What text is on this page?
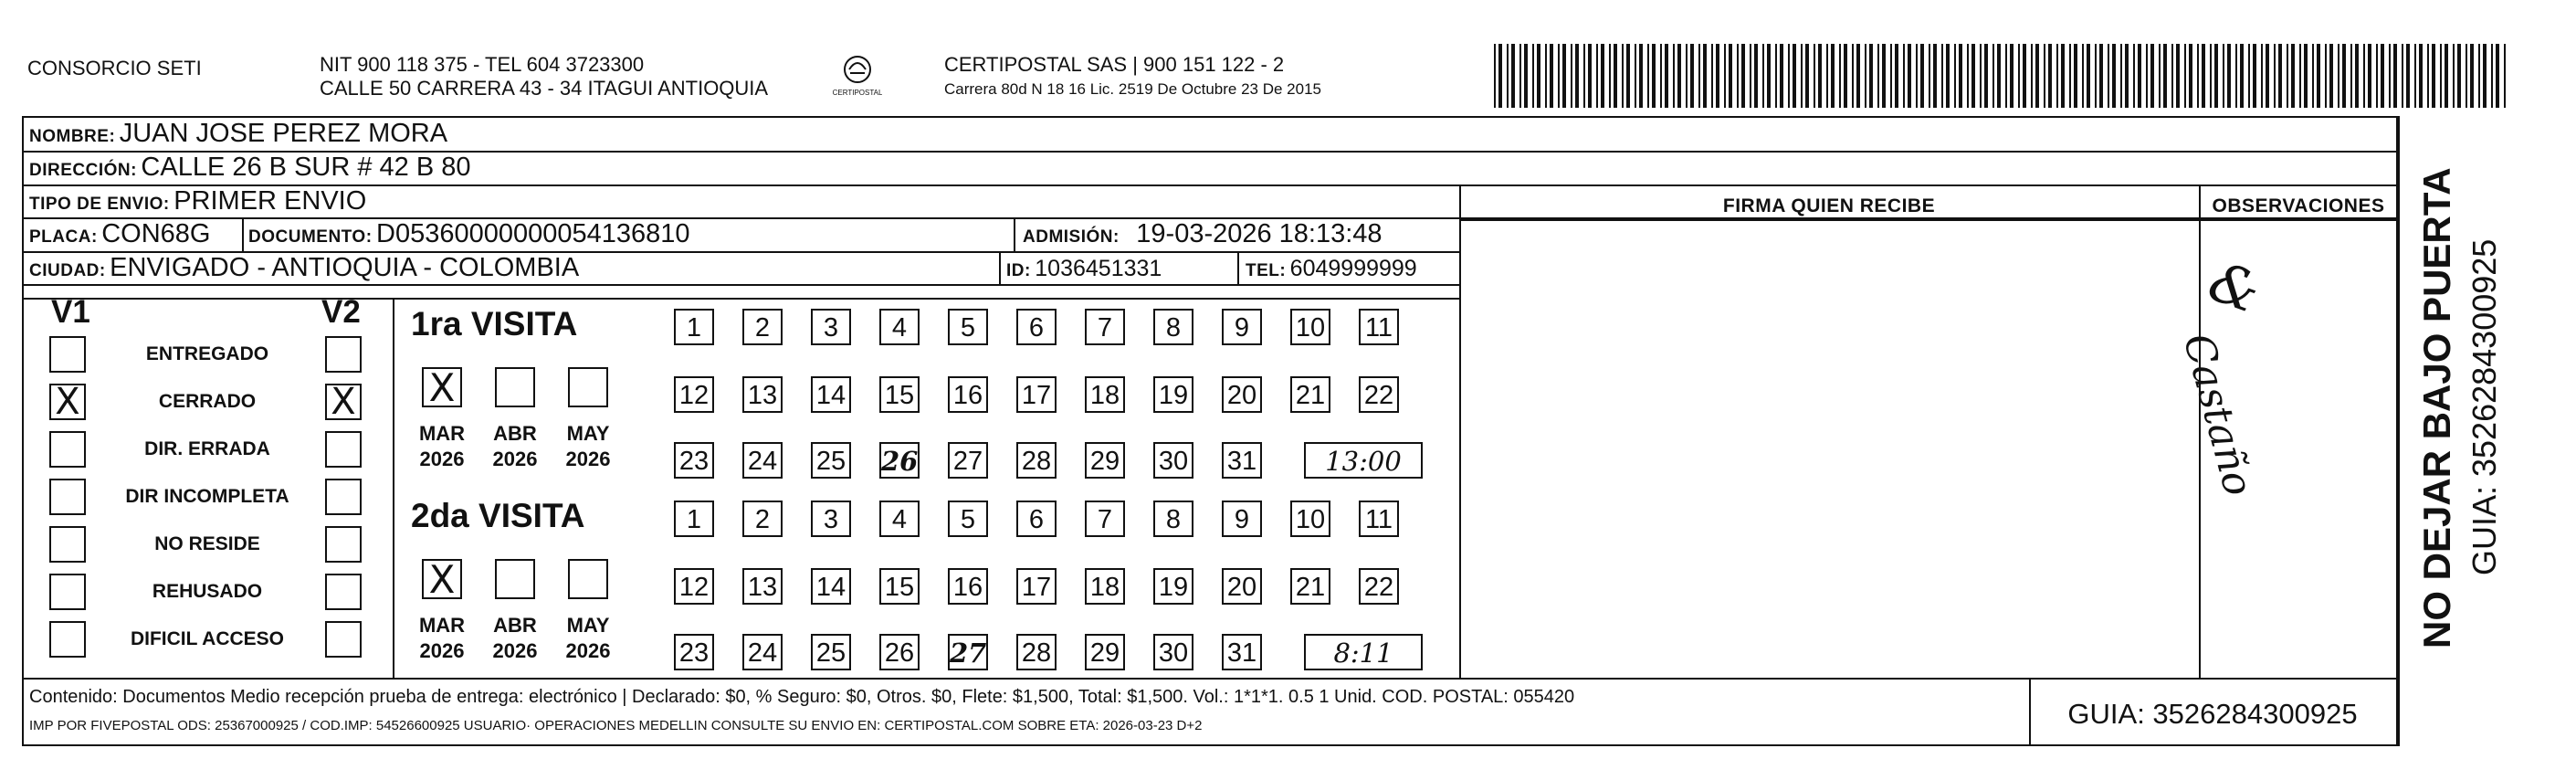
CONSORCIO SETI	NIT 900 118 375 - TEL 604 3723300
CALLE 50 CARRERA 43 - 34 ITAGUI ANTIOQUIA	CERTIPOSTAL
CERTIPOSTAL SAS | 900 151 122 - 2
Carrera 80d N 18 16 Lic. 2519 De Octubre 23 De 2015
NOMBRE: JUAN JOSE PEREZ MORA
DIRECCIÓN: CALLE 26 B SUR # 42 B 80
TIPO DE ENVIO: PRIMER ENVIO
PLACA: CON68G DOCUMENTO: D05360000000054136810	ADMISIÓN: 19-03-2026 18:13:48
CIUDAD: ENVIGADO - ANTIOQUIA - COLOMBIA	ID: 1036451331	TEL: 6049999999
FIRMA QUIEN RECIBE	OBSERVACIONES
V1	V2
ENTREGADO
X	CERRADO	X
DIR. ERRADA
DIR INCOMPLETA
NO RESIDE
REHUSADO
DIFICIL ACCESO
1ra VISITA
X
MAR
2026
ABR
2026
MAY
2026
1	2	3	4	5	6	7	8	9	10 11
12 13 14 15 16 17 18 19 20 21 22
23 24 25 26 27 28 29 30 31	13:00
2da VISITA
X
MAR
2026
ABR
2026
MAY
2026
1	2	3	4	5	6	7	8	9	10 11
12 13 14 15 16 17 18 19 20 21 22
23 24 25 26 27 28 29 30 31	8:11
&
Castaño
Contenido: Documentos Medio recepción prueba de entrega: electrónico | Declarado: $0, % Seguro: $0, Otros. $0, Flete: $1,500, Total: $1,500. Vol.: 1*1*1. 0.5 1 Unid. COD. POSTAL: 055420
IMP POR FIVEPOSTAL ODS: 25367000925 / COD.IMP: 54526600925 USUARIO· OPERACIONES MEDELLIN CONSULTE SU ENVIO EN: CERTIPOSTAL.COM SOBRE ETA: 2026-03-23 D+2	GUIA: 3526284300925
NO DEJAR BAJO PUERTA GUIA: 3526284300925
